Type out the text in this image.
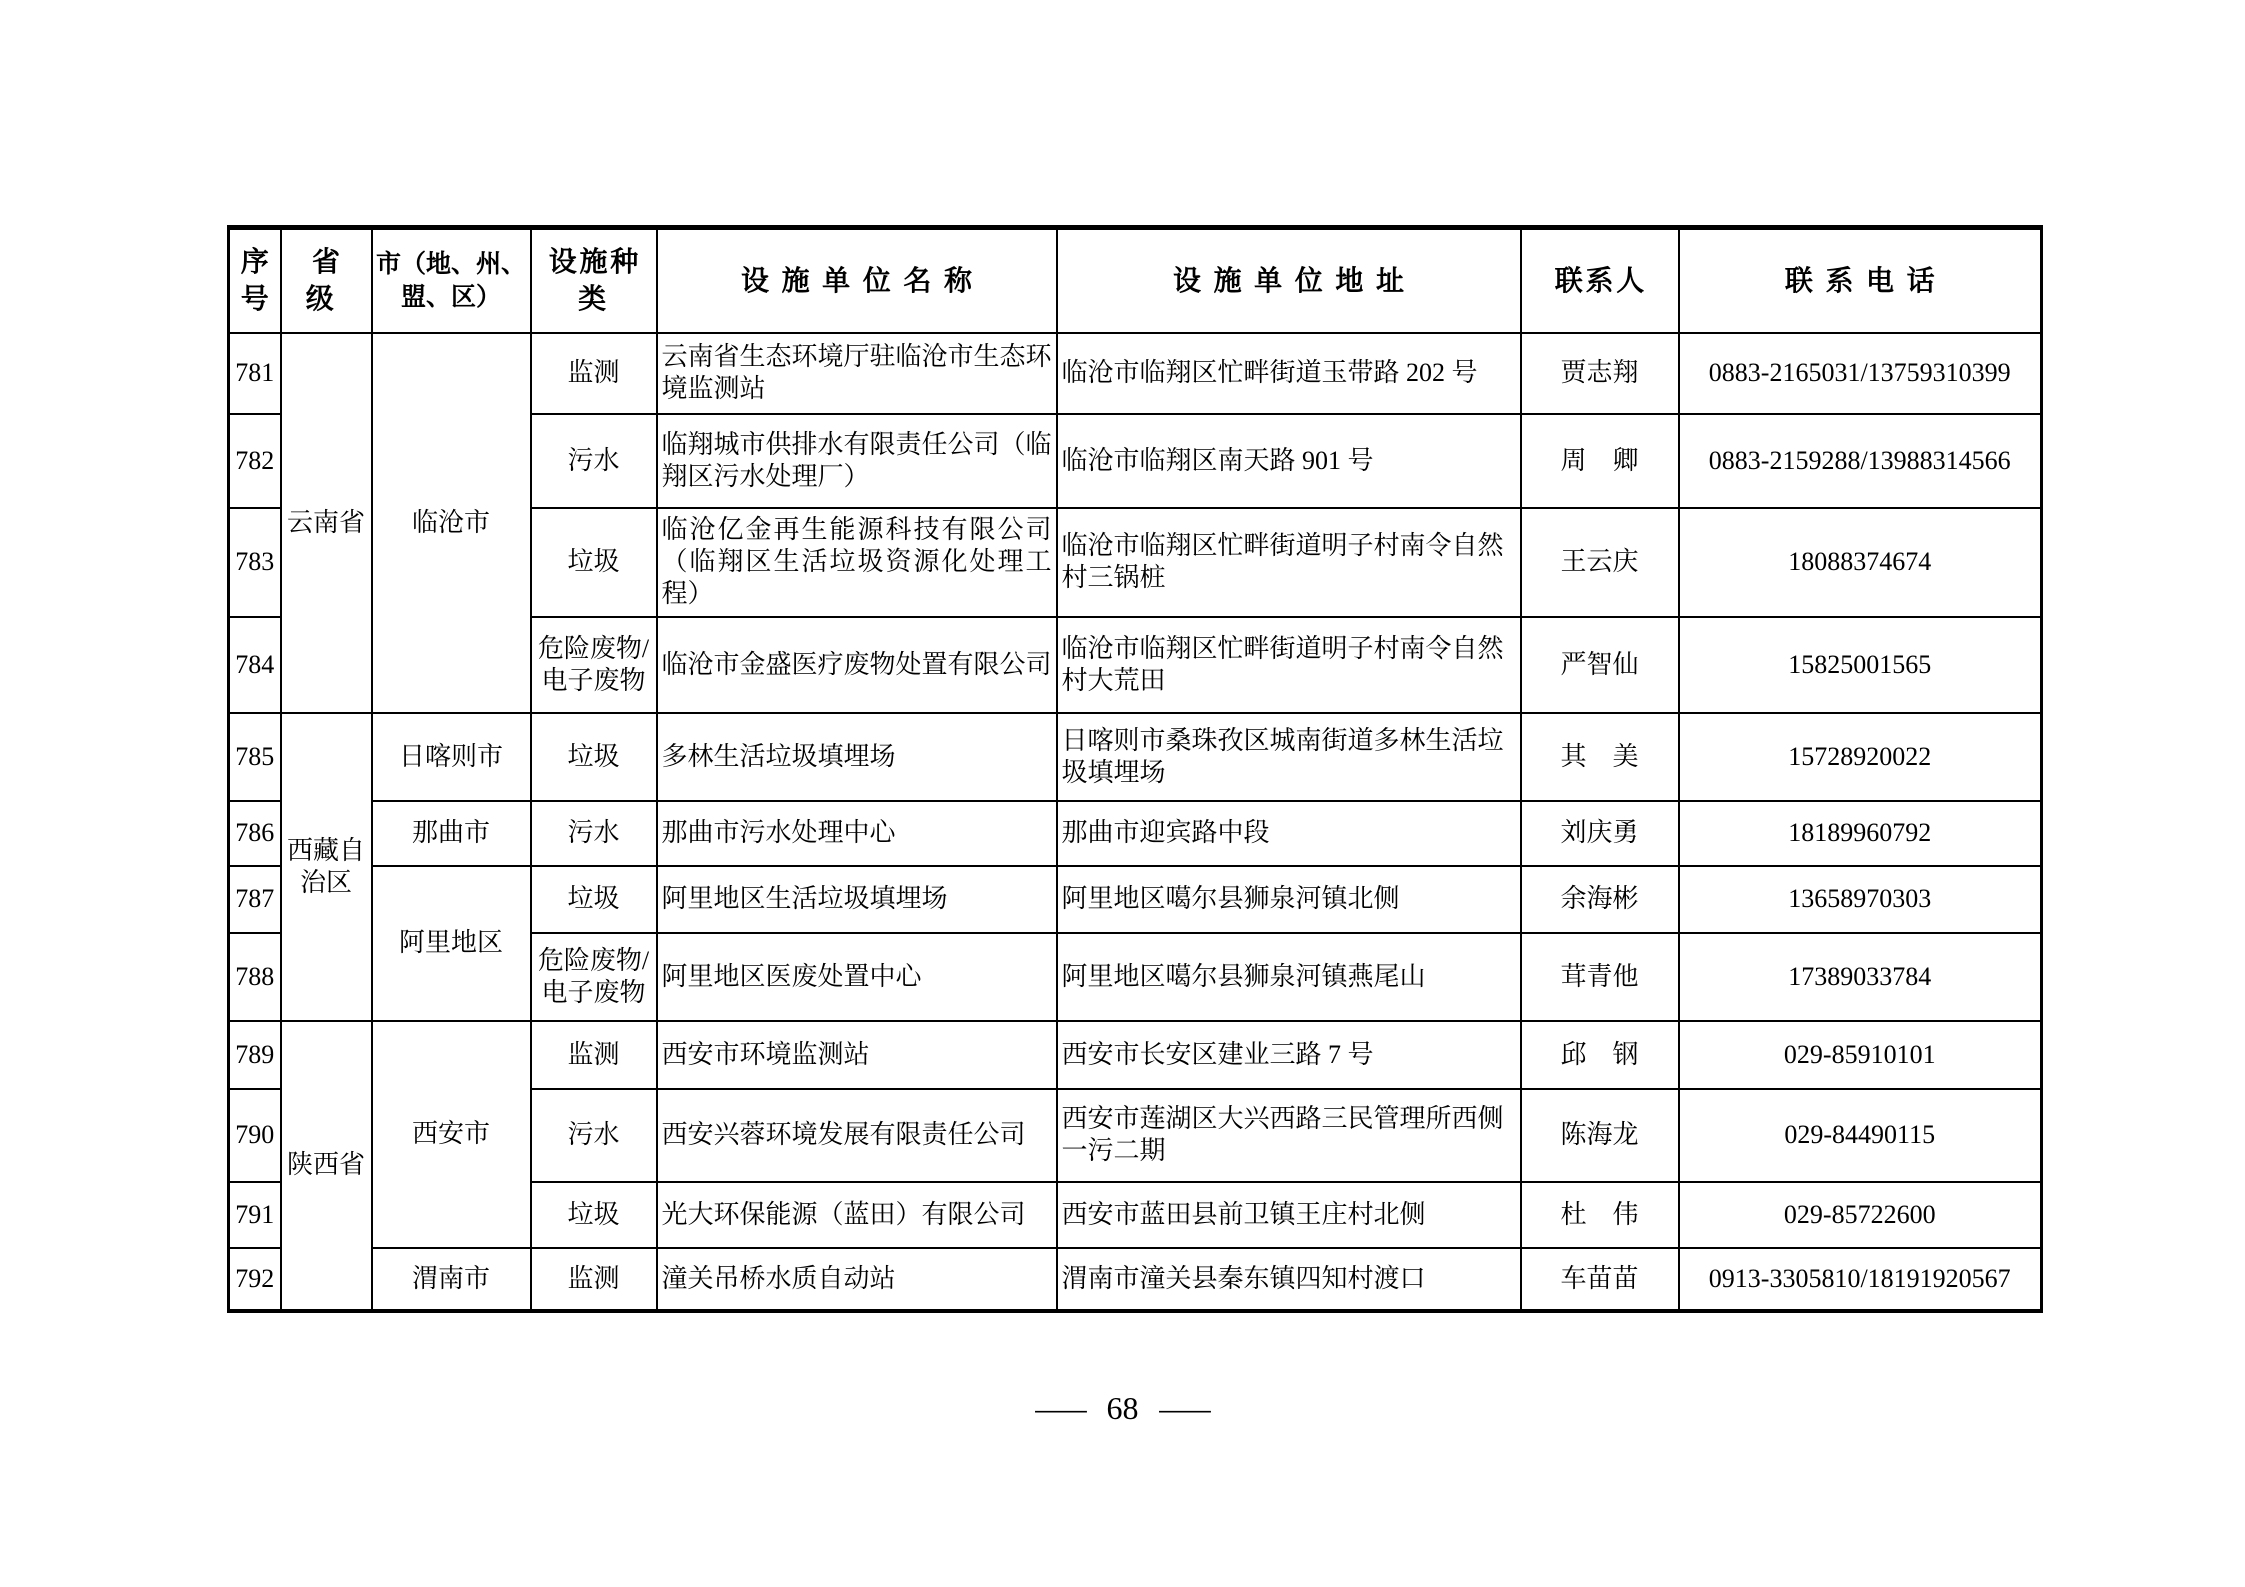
序号	省级	市（地、州、盟、区）	设施种类	设施单位名称	设施单位地址	联系人	联系电话
781	云南省	临沧市	监测	云南省生态环境厅驻临沧市生态环境监测站	临沧市临翔区忙畔街道玉带路 202 号	贾志翔	0883-2165031/13759310399
782			污水	临翔城市供排水有限责任公司（临翔区污水处理厂）	临沧市临翔区南天路 901 号	周　卿	0883-2159288/13988314566
783			垃圾	临沧亿金再生能源科技有限公司（临翔区生活垃圾资源化处理工程）	临沧市临翔区忙畔街道明子村南令自然村三锅桩	王云庆	18088374674
784			危险废物/电子废物	临沧市金盛医疗废物处置有限公司	临沧市临翔区忙畔街道明子村南令自然村大荒田	严智仙	15825001565
785	西藏自治区	日喀则市	垃圾	多林生活垃圾填埋场	日喀则市桑珠孜区城南街道多林生活垃圾填埋场	其　美	15728920022
786		那曲市	污水	那曲市污水处理中心	那曲市迎宾路中段	刘庆勇	18189960792
787		阿里地区	垃圾	阿里地区生活垃圾填埋场	阿里地区噶尔县狮泉河镇北侧	余海彬	13658970303
788			危险废物/电子废物	阿里地区医废处置中心	阿里地区噶尔县狮泉河镇燕尾山	茸青他	17389033784
789	陕西省	西安市	监测	西安市环境监测站	西安市长安区建业三路 7 号	邱　钢	029-85910101
790			污水	西安兴蓉环境发展有限责任公司	西安市莲湖区大兴西路三民管理所西侧一污二期	陈海龙	029-84490115
791			垃圾	光大环保能源（蓝田）有限公司	西安市蓝田县前卫镇王庄村北侧	杜　伟	029-85722600
792		渭南市	监测	潼关吊桥水质自动站	渭南市潼关县秦东镇四知村渡口	车苗苗	0913-3305810/18191920567
— 68 —
